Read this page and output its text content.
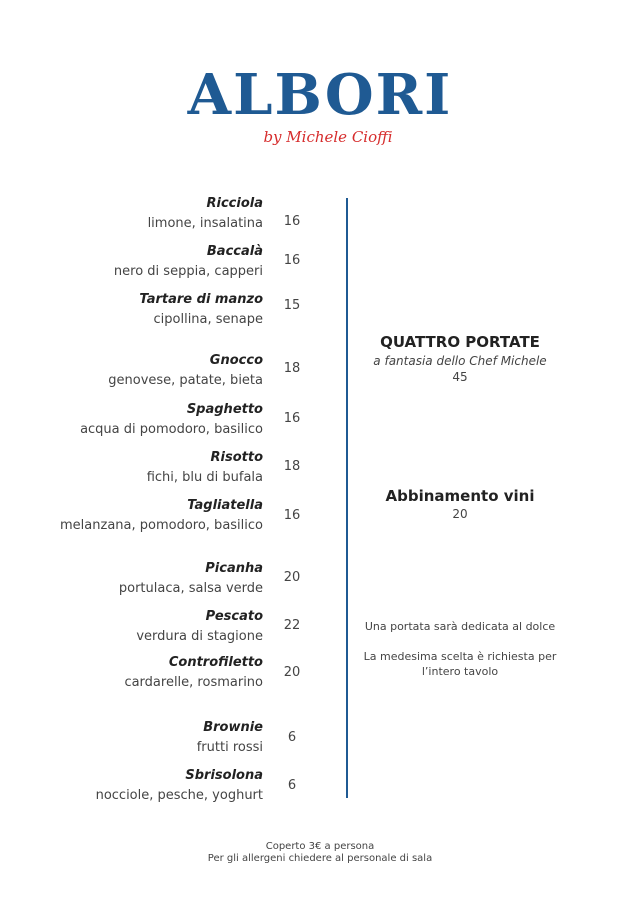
ALBORI
by Michele Cioffi
Ricciola
limone, insalatina 16
Baccalà
nero di seppia, capperi
16
Tartare di manzo
cipollina, senape
15
Gnocco
genovese, patate, bieta
18
Spaghetto
acqua di pomodoro, basilico
16
Risotto
fichi, blu di bufala
18
Tagliatella
melanzana, pomodoro, basilico
16
Picanha
portulaca, salsa verde
20
Pescato
verdura di stagione
22
Controfiletto
cardarelle, rosmarino
20
Brownie
frutti rossi
6
Sbrisolona
nocciole, pesche, yoghurt
6
QUATTRO PORTATE
a fantasia dello Chef Michele
45
Abbinamento vini
20
Una portata sarà dedicata al dolce
La medesima scelta è richiesta per l’intero tavolo
Coperto 3€ a persona
Per gli allergeni chiedere al personale di sala
